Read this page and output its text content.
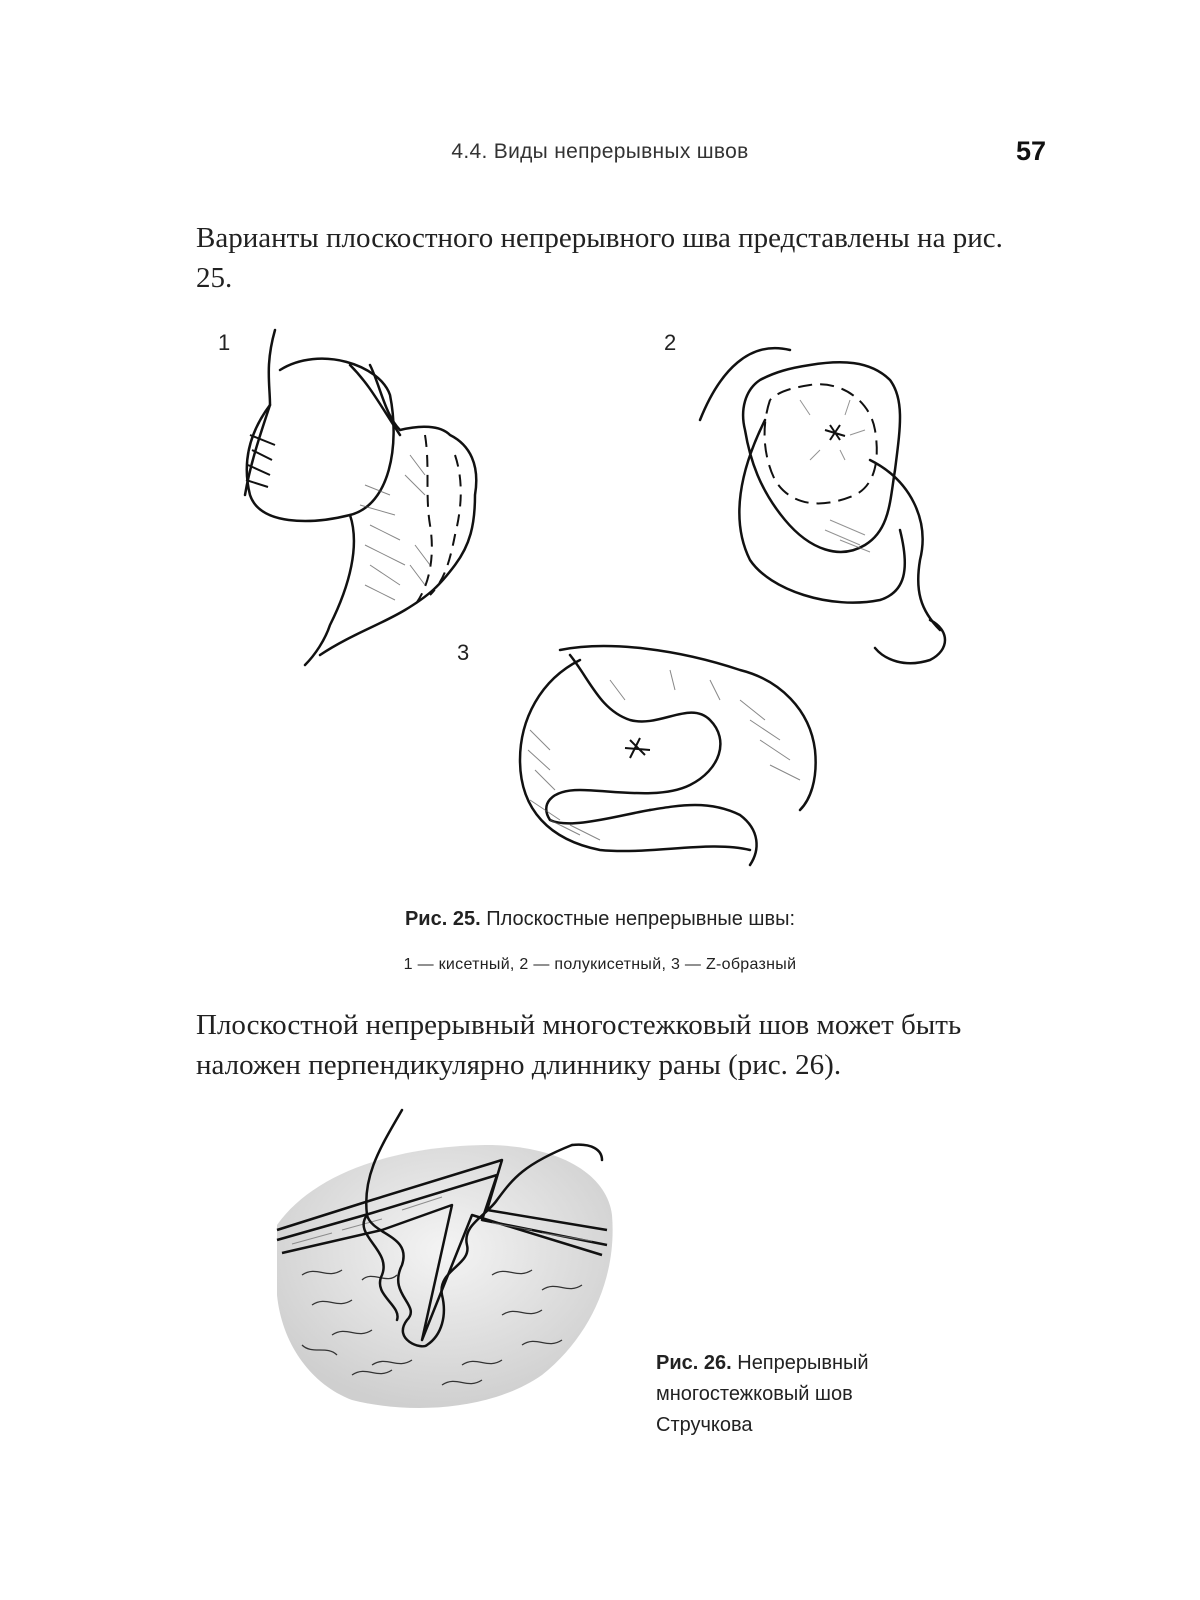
4.4. Виды непрерывных швов	57
Варианты плоскостного непрерывного шва представлены на рис. 25.
1	2
3
Рис. 25. Плоскостные непрерывные швы:
1 — кисетный, 2 — полукисетный, 3 — Z-образный
Плоскостной непрерывный многостежковый шов может быть наложен перпендикулярно длиннику раны (рис. 26).
Рис. 26. Непрерывный
многостежковый шов
Стручкова
